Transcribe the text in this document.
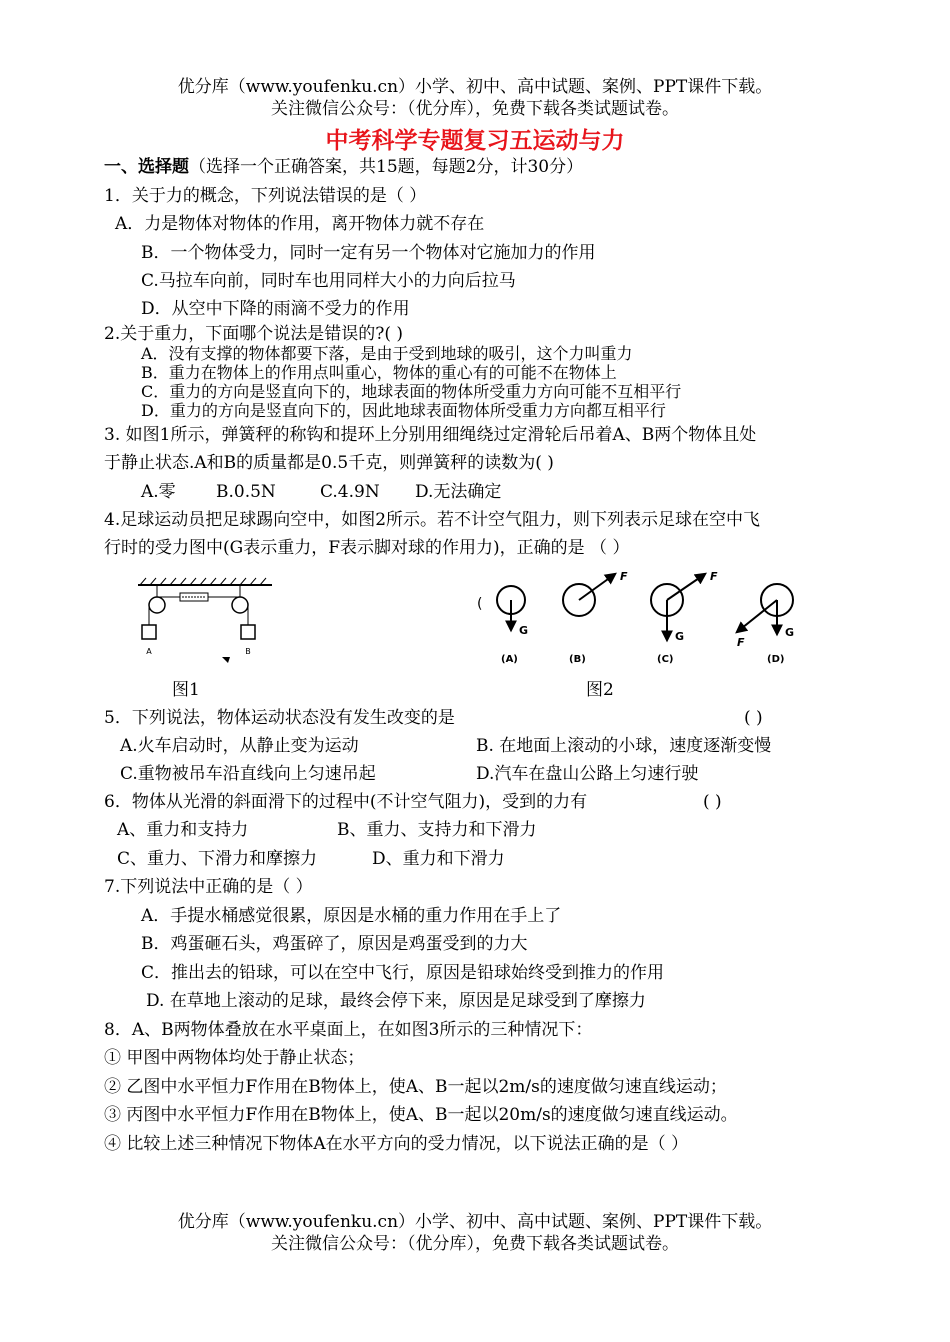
优分库（www.youfenku.cn）小学、初中、高中试题、案例、PPT课件下载。
关注微信公众号：（优分库），免费下载各类试题试卷。
中考科学专题复习五运动与力
一、选择题（选择一个正确答案，共15题，每题2分，计30分）
1．关于力的概念，下列说法错误的是（ ）
A．力是物体对物体的作用，离开物体力就不存在
B．一个物体受力，同时一定有另一个物体对它施加力的作用
C.马拉车向前，同时车也用同样大小的力向后拉马
D．从空中下降的雨滴不受力的作用
2.关于重力，下面哪个说法是错误的?( )
A．没有支撑的物体都要下落，是由于受到地球的吸引，这个力叫重力
B．重力在物体上的作用点叫重心，物体的重心有的可能不在物体上
C．重力的方向是竖直向下的，地球表面的物体所受重力方向可能不互相平行
D．重力的方向是竖直向下的，因此地球表面物体所受重力方向都互相平行
3. 如图1所示，弹簧秤的称钩和提环上分别用细绳绕过定滑轮后吊着A、B两个物体且处
于静止状态.A和B的质量都是0.5千克，则弹簧秤的读数为( )
A.零 B.0.5N	C.4.9N D.无法确定
4.足球运动员把足球踢向空中，如图2所示。若不计空气阻力，则下列表示足球在空中飞
行时的受力图中(G表示重力，F表示脚对球的作用力)，正确的是 （ ）
A	B
(
G
(A)
F
(B)
F
G
(C)
F
G
(D)
图1	图2
5．下列说法，物体运动状态没有发生改变的是	( )
A.火车启动时，从静止变为运动	B. 在地面上滚动的小球，速度逐渐变慢
C.重物被吊车沿直线向上匀速吊起	D.汽车在盘山公路上匀速行驶
6．物体从光滑的斜面滑下的过程中(不计空气阻力)，受到的力有	( )
A、重力和支持力	B、重力、支持力和下滑力
C、重力、下滑力和摩擦力	D、重力和下滑力
7.下列说法中正确的是（ ）
A．手提水桶感觉很累，原因是水桶的重力作用在手上了
B．鸡蛋砸石头，鸡蛋碎了，原因是鸡蛋受到的力大
C．推出去的铅球，可以在空中飞行，原因是铅球始终受到推力的作用
D. 在草地上滚动的足球，最终会停下来，原因是足球受到了摩擦力
8．A、B两物体叠放在水平桌面上，在如图3所示的三种情况下：
① 甲图中两物体均处于静止状态；
② 乙图中水平恒力F作用在B物体上，使A、B一起以2m/s的速度做匀速直线运动；
③ 丙图中水平恒力F作用在B物体上，使A、B一起以20m/s的速度做匀速直线运动。
④ 比较上述三种情况下物体A在水平方向的受力情况，以下说法正确的是（ ）
优分库（www.youfenku.cn）小学、初中、高中试题、案例、PPT课件下载。
关注微信公众号：（优分库），免费下载各类试题试卷。
